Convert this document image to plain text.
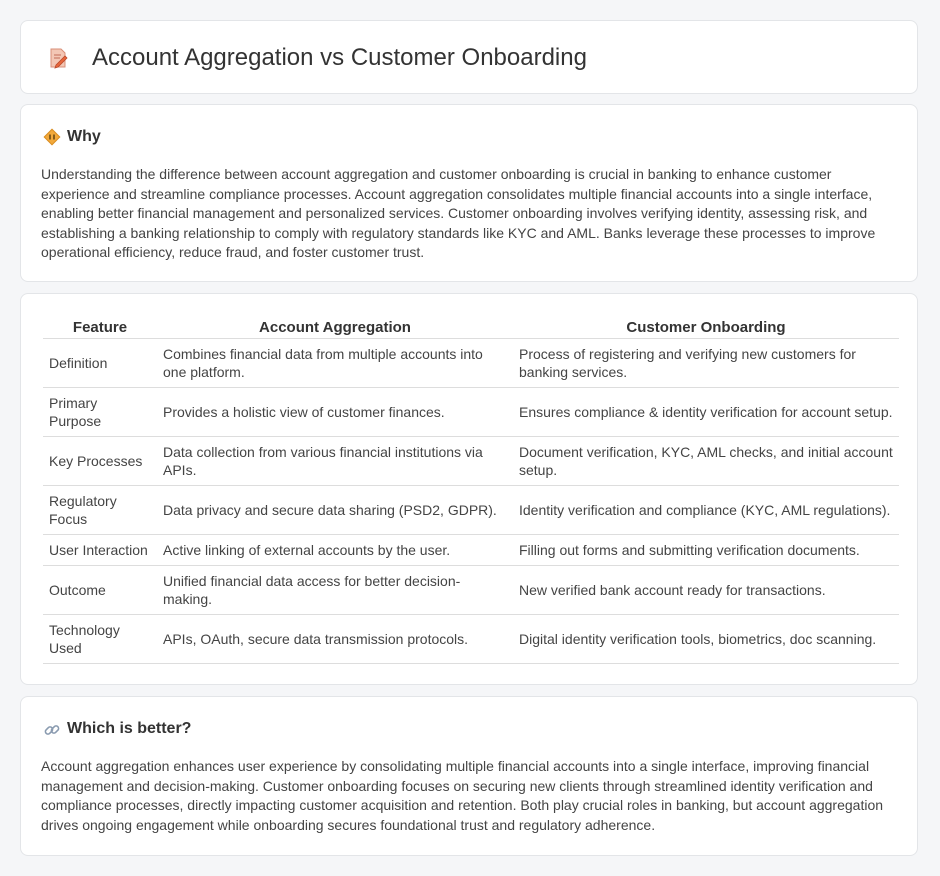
Account Aggregation vs Customer Onboarding
Why

Understanding the difference between account aggregation and customer onboarding is crucial in banking to enhance customer experience and streamline compliance processes. Account aggregation consolidates multiple financial accounts into a single interface, enabling better financial management and personalized services. Customer onboarding involves verifying identity, assessing risk, and establishing a banking relationship to comply with regulatory standards like KYC and AML. Banks leverage these processes to improve operational efficiency, reduce fraud, and foster customer trust.

Feature	Account Aggregation	Customer Onboarding
Definition	Combines financial data from multiple accounts into one platform.	Process of registering and verifying new customers for banking services.
Primary Purpose	Provides a holistic view of customer finances.	Ensures compliance & identity verification for account setup.
Key Processes	Data collection from various financial institutions via APIs.	Document verification, KYC, AML checks, and initial account setup.
Regulatory Focus	Data privacy and secure data sharing (PSD2, GDPR).	Identity verification and compliance (KYC, AML regulations).
User Interaction	Active linking of external accounts by the user.	Filling out forms and submitting verification documents.
Outcome	Unified financial data access for better decision-making.	New verified bank account ready for transactions.
Technology Used	APIs, OAuth, secure data transmission protocols.	Digital identity verification tools, biometrics, doc scanning.
Which is better?

Account aggregation enhances user experience by consolidating multiple financial accounts into a single interface, improving financial management and decision-making. Customer onboarding focuses on securing new clients through streamlined identity verification and compliance processes, directly impacting customer acquisition and retention. Both play crucial roles in banking, but account aggregation drives ongoing engagement while onboarding secures foundational trust and regulatory adherence.
